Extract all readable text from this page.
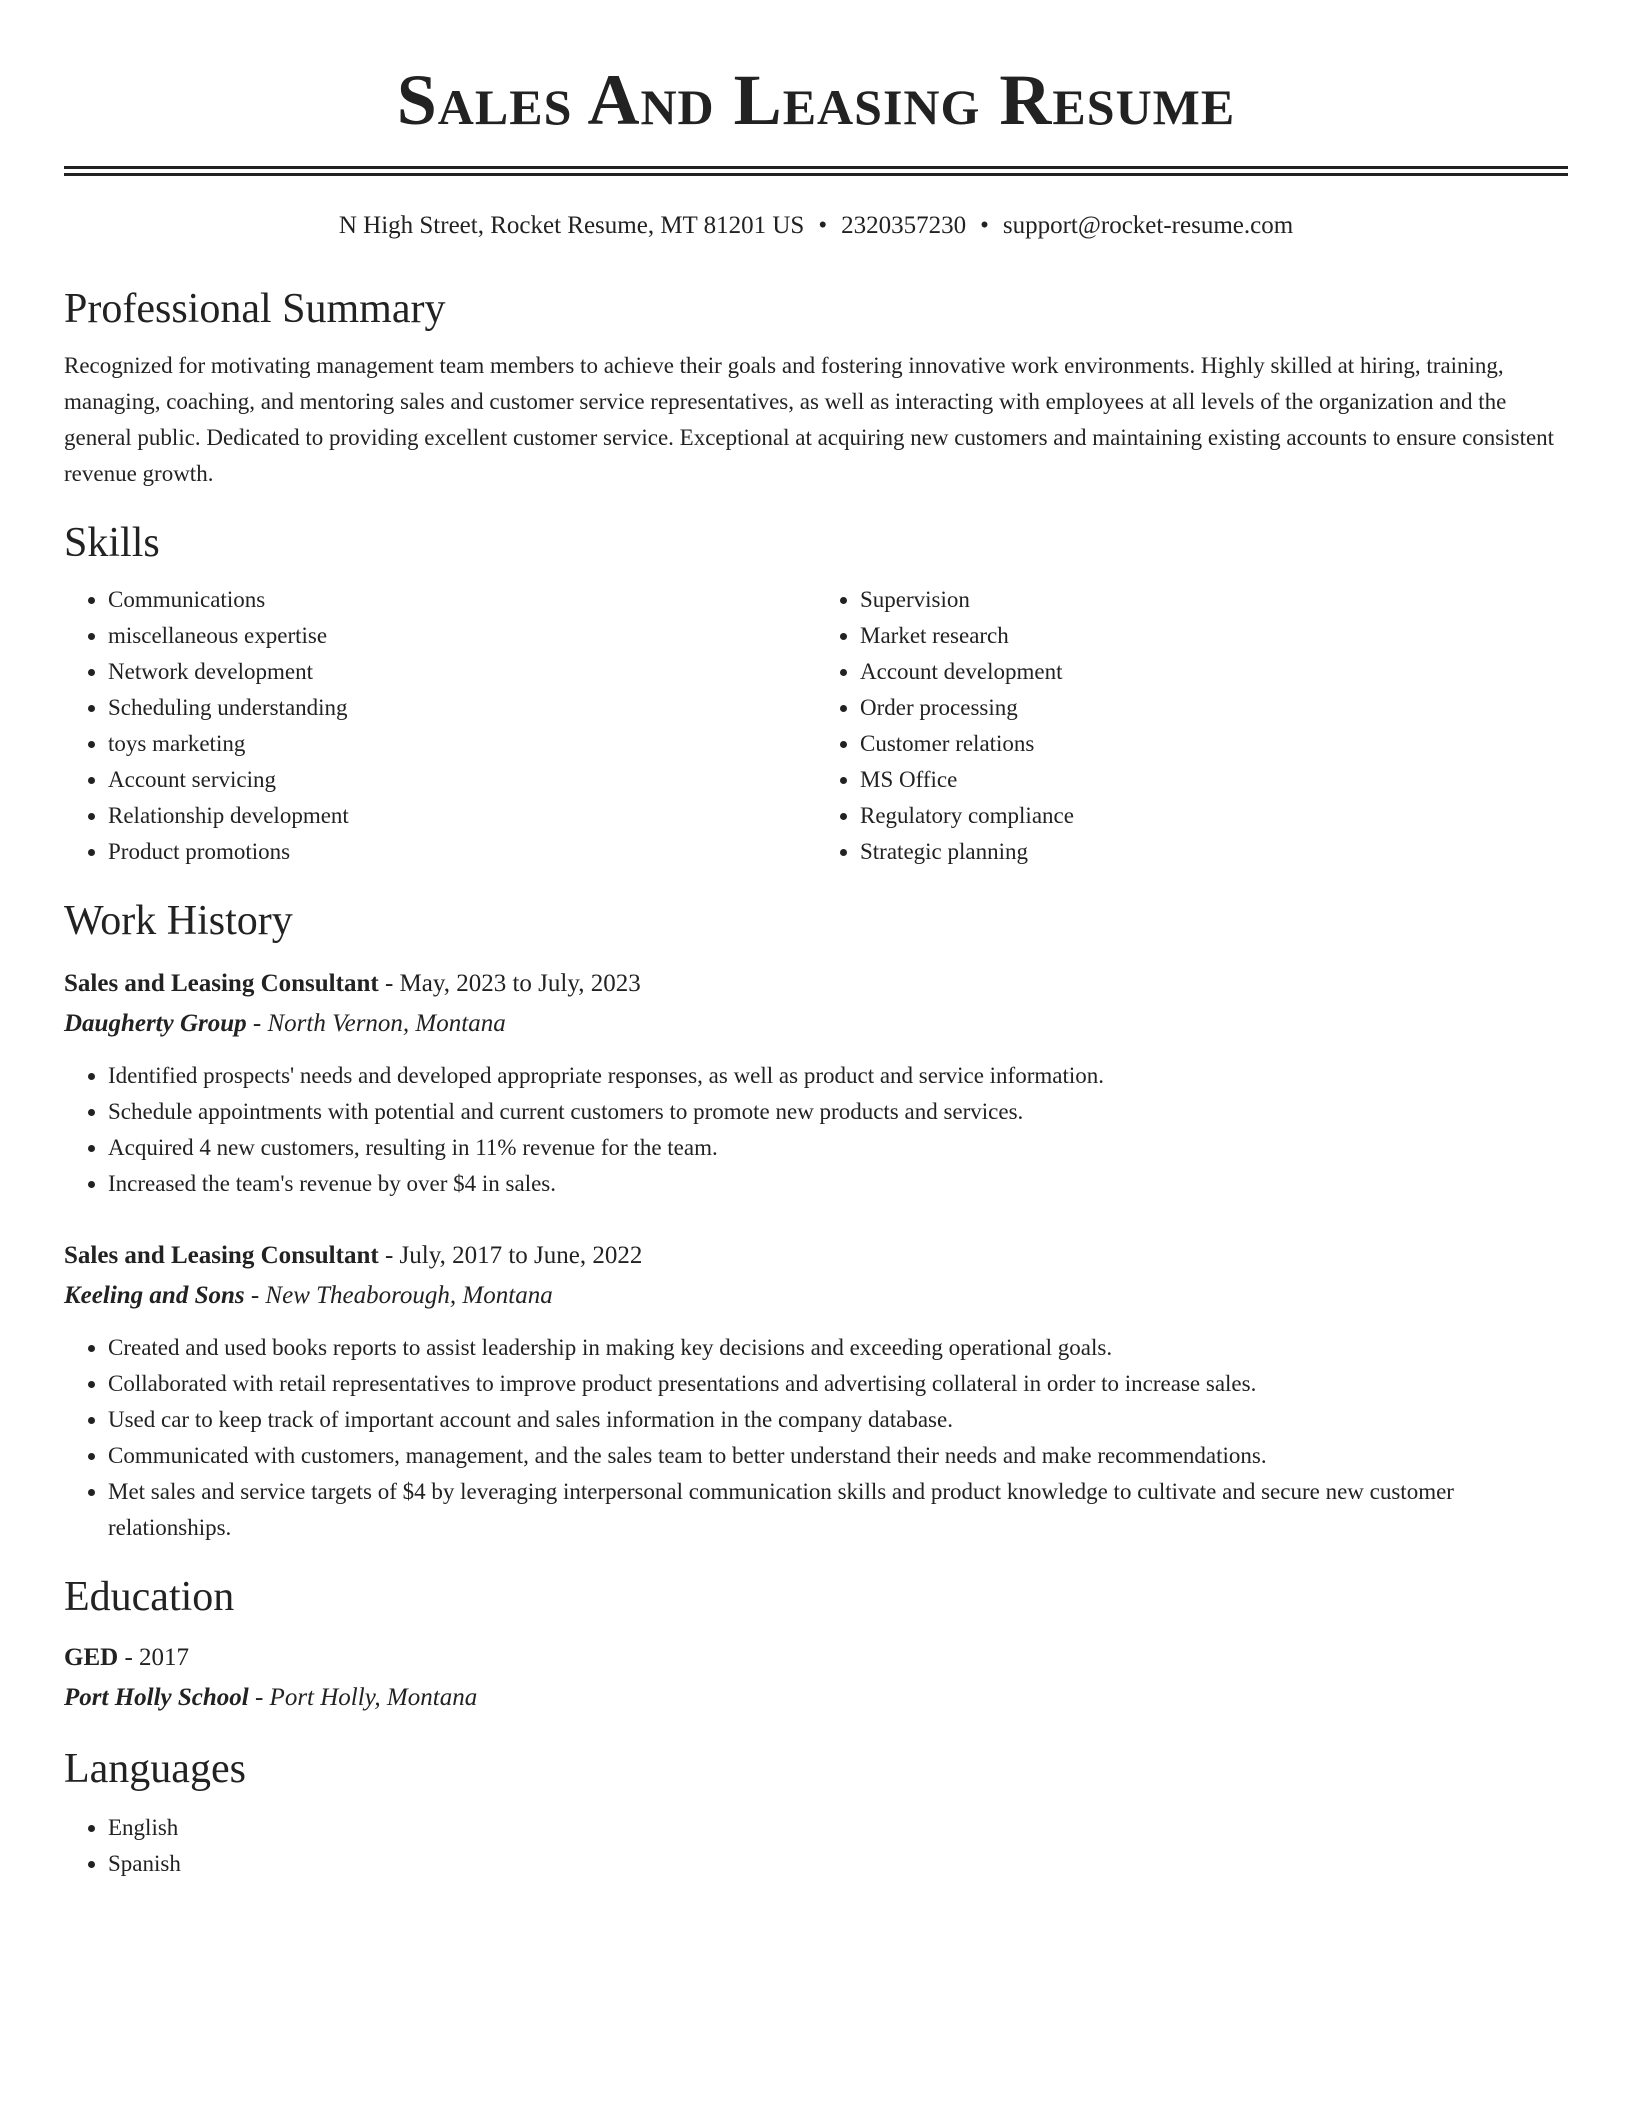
Sales And Leasing Resume
N High Street, Rocket Resume, MT 81201 US • 2320357230 • support@rocket-resume.com
Professional Summary

Recognized for motivating management team members to achieve their goals and fostering innovative work environments. Highly skilled at hiring, training, managing, coaching, and mentoring sales and customer service representatives, as well as interacting with employees at all levels of the organization and the general public. Dedicated to providing excellent customer service. Exceptional at acquiring new customers and maintaining existing accounts to ensure consistent revenue growth.

Skills
• Communications
• miscellaneous expertise
• Network development
• Scheduling understanding
• toys marketing
• Account servicing
• Relationship development
• Product promotions
• Supervision
• Market research
• Account development
• Order processing
• Customer relations
• MS Office
• Regulatory compliance
• Strategic planning
Work History
Sales and Leasing Consultant - May, 2023 to July, 2023
Daugherty Group - North Vernon, Montana
• Identified prospects' needs and developed appropriate responses, as well as product and service information.
• Schedule appointments with potential and current customers to promote new products and services.
• Acquired 4 new customers, resulting in 11% revenue for the team.
• Increased the team's revenue by over $4 in sales.
Sales and Leasing Consultant - July, 2017 to June, 2022
Keeling and Sons - New Theaborough, Montana
• Created and used books reports to assist leadership in making key decisions and exceeding operational goals.
• Collaborated with retail representatives to improve product presentations and advertising collateral in order to increase sales.
• Used car to keep track of important account and sales information in the company database.
• Communicated with customers, management, and the sales team to better understand their needs and make recommendations.
• Met sales and service targets of $4 by leveraging interpersonal communication skills and product knowledge to cultivate and secure new customer relationships.
Education
GED - 2017
Port Holly School - Port Holly, Montana
Languages
• English
• Spanish
